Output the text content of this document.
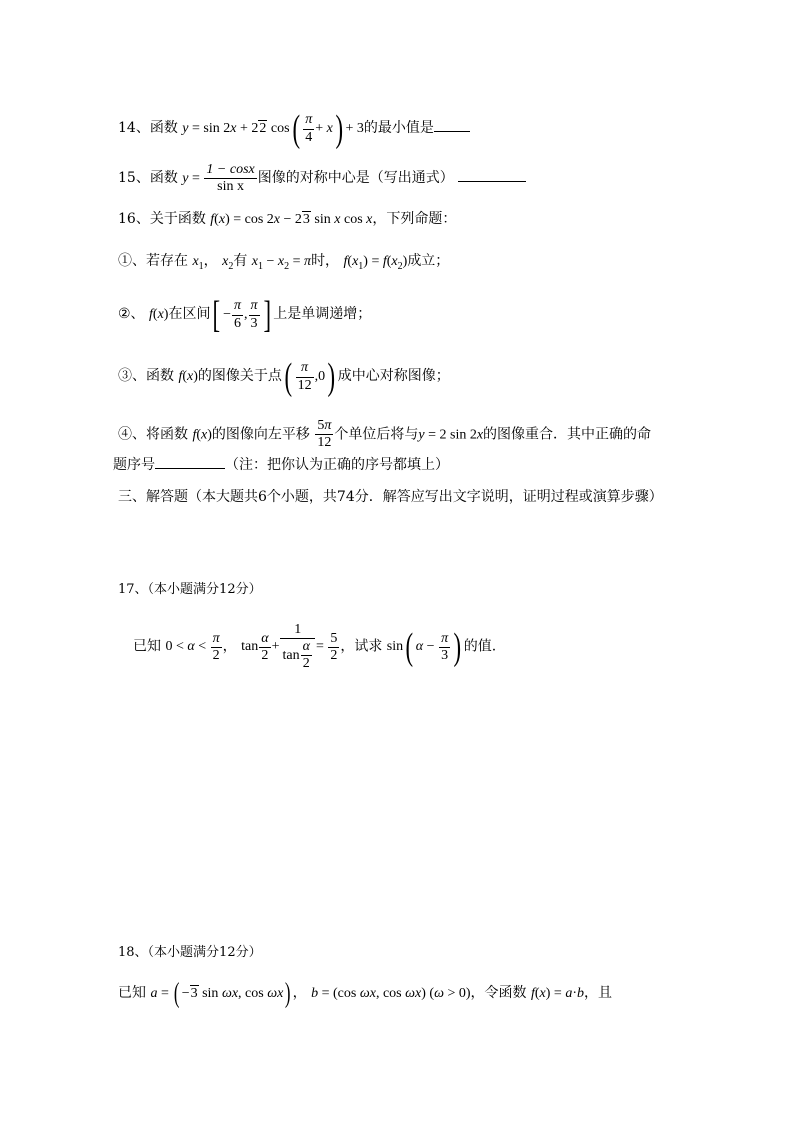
14、函数 y = sin 2x + 22 $\cos( \frac{\pi}{4} + x) + 3$的最小值是
15、函数 $y = \frac{1 - \cos x}{\text{sin x}}$ 图像的对称中心是（写出通式）
16、关于函数 f(x) = cos 2x − 23 sin x cos x，下列命题：
①、若存在 $x_1$， $x_2$有 $x_1 - x_2 = \pi$时， $f(x_1) = f(x_2)$成立；
②、 f(x)在区间[ − $\frac{\pi}{6}$ , $\frac{\pi}{3}$ ] 上是单调递增；
③、函数 f(x)的图像关于点( $\frac{\pi}{12} ,0$) 成中心对称图像；
④、将函数 f(x)的图像向左平移 $\frac{5\pi}{12}$ 个单位后将与y = 2 sin 2x的图像重合．其中正确的命
题序号	（注：把你认为正确的序号都填上）
三、解答题（本大题共6个小题，共74分．解答应写出文字说明，证明过程或演算步骤）
17、（本小题满分12分）
已知 $0 < \alpha < \frac{\pi}{2}$ ， $\tan \frac{\alpha}{2} + \frac{1}{\tan \frac{\alpha}{2}} = \frac{5}{2}$ ，试求 sin( $\alpha - \frac{\pi}{3}$ ) 的值.
18、（本小题满分12分）
已知 a = ( −3 sin ωx, cos ωx) ， b = (cos ωx, cos ωx) (ω > 0)，令函数 f(x) = a·b，且
